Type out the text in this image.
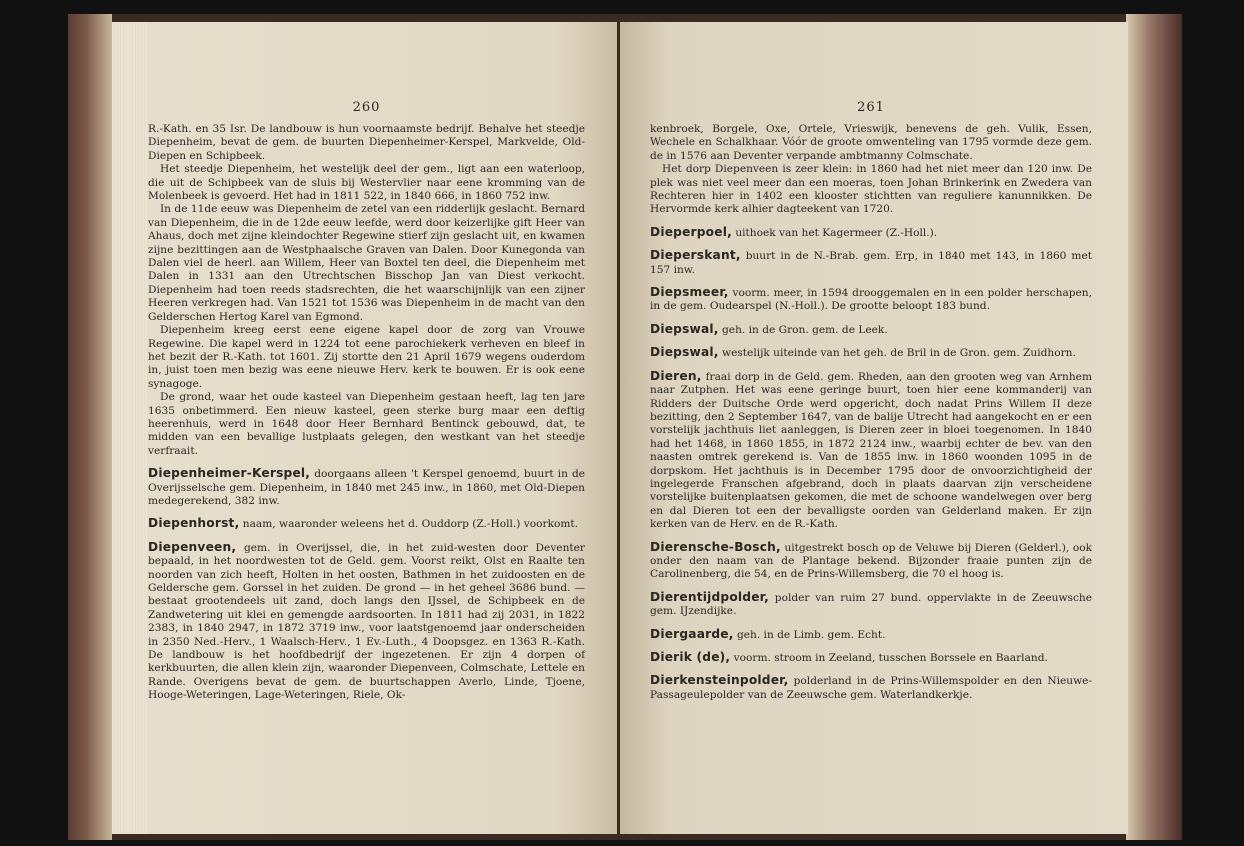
260

R.-Kath. en 35 Isr. De landbouw is hun voornaamste bedrijf. Behalve het steedje Diepenheim, bevat de gem. de buurten Diepenheimer-Kerspel, Markvelde, Old-Diepen en Schipbeek.

Het steedje Diepenheim, het westelijk deel der gem., ligt aan een waterloop, die uit de Schipbeek van de sluis bij Westervlier naar eene kromming van de Molenbeek is gevoerd. Het had in 1811 522, in 1840 666, in 1860 752 inw.

In de 11de eeuw was Diepenheim de zetel van een ridderlijk geslacht. Bernard van Diepenheim, die in de 12de eeuw leefde, werd door keizerlijke gift Heer van Ahaus, doch met zijne kleindochter Regewine stierf zijn geslacht uit, en kwamen zijne bezittingen aan de Westphaalsche Graven van Dalen. Door Kunegonda van Dalen viel de heerl. aan Willem, Heer van Boxtel ten deel, die Diepenheim met Dalen in 1331 aan den Utrechtschen Bisschop Jan van Diest verkocht. Diepenheim had toen reeds stadsrechten, die het waarschijnlijk van een zijner Heeren verkregen had. Van 1521 tot 1536 was Diepenheim in de macht van den Gelderschen Hertog Karel van Egmond.

Diepenheim kreeg eerst eene eigene kapel door de zorg van Vrouwe Regewine. Die kapel werd in 1224 tot eene parochiekerk verheven en bleef in het bezit der R.-Kath. tot 1601. Zij stortte den 21 April 1679 wegens ouderdom in, juist toen men bezig was eene nieuwe Herv. kerk te bouwen. Er is ook eene synagoge.

De grond, waar het oude kasteel van Diepenheim gestaan heeft, lag ten jare 1635 onbetimmerd. Een nieuw kasteel, geen sterke burg maar een deftig heerenhuis, werd in 1648 door Heer Bernhard Bentinck gebouwd, dat, te midden van een bevallige lustplaats gelegen, den westkant van het steedje verfraait.

Diepenheimer-Kerspel, doorgaans alleen 't Kerspel genoemd, buurt in de Overijsselsche gem. Diepenheim, in 1840 met 245 inw., in 1860, met Old-Diepen medegerekend, 382 inw.

Diepenhorst, naam, waaronder weleens het d. Ouddorp (Z.-Holl.) voorkomt.

Diepenveen, gem. in Overijssel, die, in het zuid-westen door Deventer bepaald, in het noordwesten tot de Geld. gem. Voorst reikt, Olst en Raalte ten noorden van zich heeft, Holten in het oosten, Bathmen in het zuidoosten en de Geldersche gem. Gorssel in het zuiden. De grond — in het geheel 3686 bund. — bestaat grootendeels uit zand, doch langs den IJssel, de Schipbeek en de Zandwetering uit klei en gemengde aardsoorten. In 1811 had zij 2031, in 1822 2383, in 1840 2947, in 1872 3719 inw., voor laatstgenoemd jaar onderscheiden in 2350 Ned.-Herv., 1 Waalsch-Herv., 1 Ev.-Luth., 4 Doopsgez. en 1363 R.-Kath. De landbouw is het hoofdbedrijf der ingezetenen. Er zijn 4 dorpen of kerkbuurten, die allen klein zijn, waaronder Diepenveen, Colmschate, Lettele en Rande. Overigens bevat de gem. de buurtschappen Averlo, Linde, Tjoene, Hooge-Weteringen, Lage-Weteringen, Riele, Ok-

261

kenbroek, Borgele, Oxe, Ortele, Vrieswijk, benevens de geh. Vulik, Essen, Wechele en Schalkhaar. Vóór de groote omwenteling van 1795 vormde deze gem. de in 1576 aan Deventer verpande ambtmanny Colmschate.

Het dorp Diepenveen is zeer klein: in 1860 had het niet meer dan 120 inw. De plek was niet veel meer dan een moeras, toen Johan Brinkerink en Zwedera van Rechteren hier in 1402 een klooster stichtten van reguliere kanunnikken. De Hervormde kerk alhier dagteekent van 1720.

Dieperpoel, uithoek van het Kagermeer (Z.-Holl.).

Dieperskant, buurt in de N.-Brab. gem. Erp, in 1840 met 143, in 1860 met 157 inw.

Diepsmeer, voorm. meer, in 1594 drooggemalen en in een polder herschapen, in de gem. Oudearspel (N.-Holl.). De grootte beloopt 183 bund.

Diepswal, geh. in de Gron. gem. de Leek.

Diepswal, westelijk uiteinde van het geh. de Bril in de Gron. gem. Zuidhorn.

Dieren, fraai dorp in de Geld. gem. Rheden, aan den grooten weg van Arnhem naar Zutphen. Het was eene geringe buurt, toen hier eene kommanderij van Ridders der Duitsche Orde werd opgericht, doch nadat Prins Willem II deze bezitting, den 2 September 1647, van de balije Utrecht had aangekocht en er een vorstelijk jachthuis liet aanleggen, is Dieren zeer in bloei toegenomen. In 1840 had het 1468, in 1860 1855, in 1872 2124 inw., waarbij echter de bev. van den naasten omtrek gerekend is. Van de 1855 inw. in 1860 woonden 1095 in de dorpskom. Het jachthuis is in December 1795 door de onvoorzichtigheid der ingelegerde Franschen afgebrand, doch in plaats daarvan zijn verscheidene vorstelijke buitenplaatsen gekomen, die met de schoone wandelwegen over berg en dal Dieren tot een der bevalligste oorden van Gelderland maken. Er zijn kerken van de Herv. en de R.-Kath.

Dierensche-Bosch, uitgestrekt bosch op de Veluwe bij Dieren (Gelderl.), ook onder den naam van de Plantage bekend. Bijzonder fraaie punten zijn de Carolinenberg, die 54, en de Prins-Willemsberg, die 70 el hoog is.

Dierentijdpolder, polder van ruim 27 bund. oppervlakte in de Zeeuwsche gem. IJzendijke.

Diergaarde, geh. in de Limb. gem. Echt.

Dierik (de), voorm. stroom in Zeeland, tusschen Borssele en Baarland.

Dierkensteinpolder, polderland in de Prins-Willemspolder en den Nieuwe-Passageulepolder van de Zeeuwsche gem. Waterlandkerkje.
